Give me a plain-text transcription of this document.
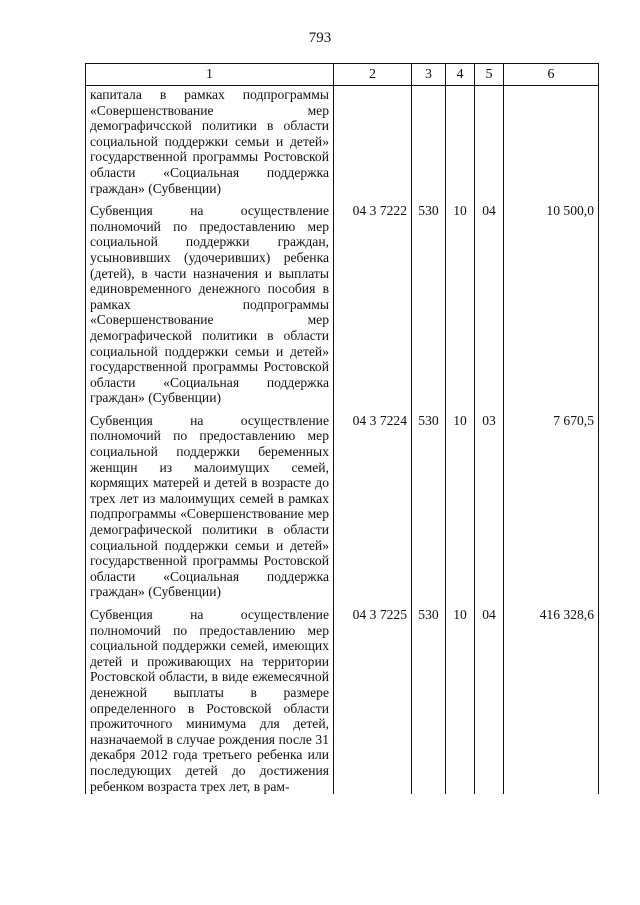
793
1	2	3	4	5	6
капитала в рамках подпрограммы «Совершенствование мер демографичсской политики в области социальной поддержки семьи и детей» государственной программы Ростовской области «Социальная поддержка граждан» (Субвенции)					
Субвенция на осуществление полномочий по предоставлению мер социальной поддержки граждан, усыновивших (удочеривших) ребенка (детей), в части назначения и выплаты единовременного денежного пособия в рамках подпрограммы «Совершенствование мер демографической политики в области социальной поддержки семьи и детей» государственной программы Ростовской области «Социальная поддержка граждан» (Субвенции)	04 3 7222	530	10	04	10 500,0
Субвенция на осуществление полномочий по предоставлению мер социальной поддержки беременных женщин из малоимущих семей, кормящих матерей и детей в возрасте до трех лет из малоимущих семей в рамках подпрограммы «Совершенствование мер демографической политики в области социальной поддержки семьи и детей» государственной программы Ростовской области «Социальная поддержка граждан» (Субвенции)	04 3 7224	530	10	03	7 670,5
Субвенция на осуществление полномочий по предоставлению мер социальной поддержки семей, имеющих детей и проживающих на территории Ростовской области, в виде ежемесячной денежной выплаты в размере определенного в Ростовской области прожиточного минимума для детей, назначаемой в случае рождения после 31 декабря 2012 года третьего ребенка или последующих детей до достижения ребенком возраста трех лет, в рам-	04 3 7225	530	10	04	416 328,6
